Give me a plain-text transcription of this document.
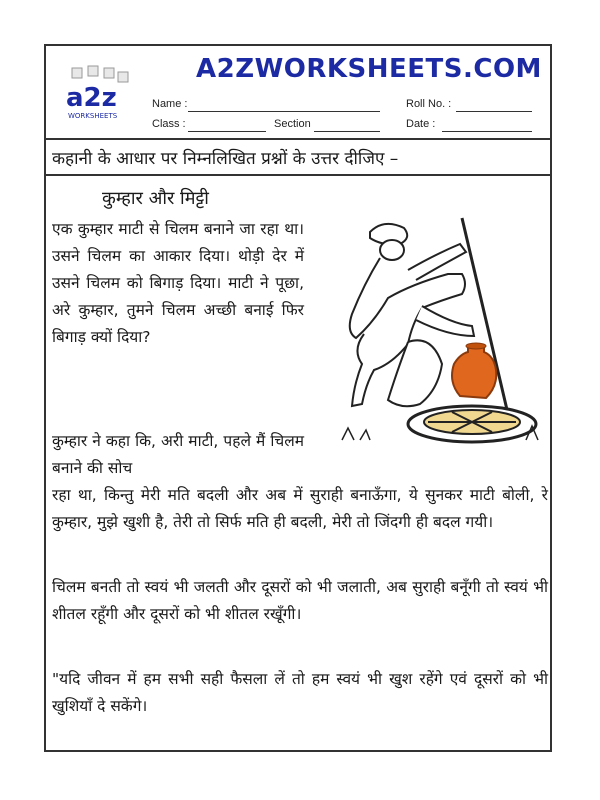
A2ZWORKSHEETS.COM
a2z
WORKSHEETS
Name :	Roll No. :
Class :	Section	Date :
कहानी के आधार पर निम्नलिखित प्रश्नों के उत्तर दीजिए –
कुम्हार और मिट्टी
एक कुम्हार माटी से चिलम बनाने जा रहा था। उसने चिलम का आकार दिया। थोड़ी देर में उसने चिलम को बिगाड़ दिया। माटी ने पूछा, अरे कुम्हार, तुमने चिलम अच्छी बनाई फिर बिगाड़ क्यों दिया?
कुम्हार ने कहा कि, अरी माटी, पहले मैं चिलम बनाने की सोच
रहा था, किन्तु मेरी मति बदली और अब में सुराही बनाऊँगा, ये सुनकर माटी बोली, रे कुम्हार, मुझे खुशी है, तेरी तो सिर्फ मति ही बदली, मेरी तो जिंदगी ही बदल गयी।
चिलम बनती तो स्वयं भी जलती और दूसरों को भी जलाती, अब सुराही बनूँगी तो स्वयं भी शीतल रहूँगी और दूसरों को भी शीतल रखूँगी।
"यदि जीवन में हम सभी सही फैसला लें तो हम स्वयं भी खुश रहेंगे एवं दूसरों को भी खुशियाँ दे सकेंगे।
